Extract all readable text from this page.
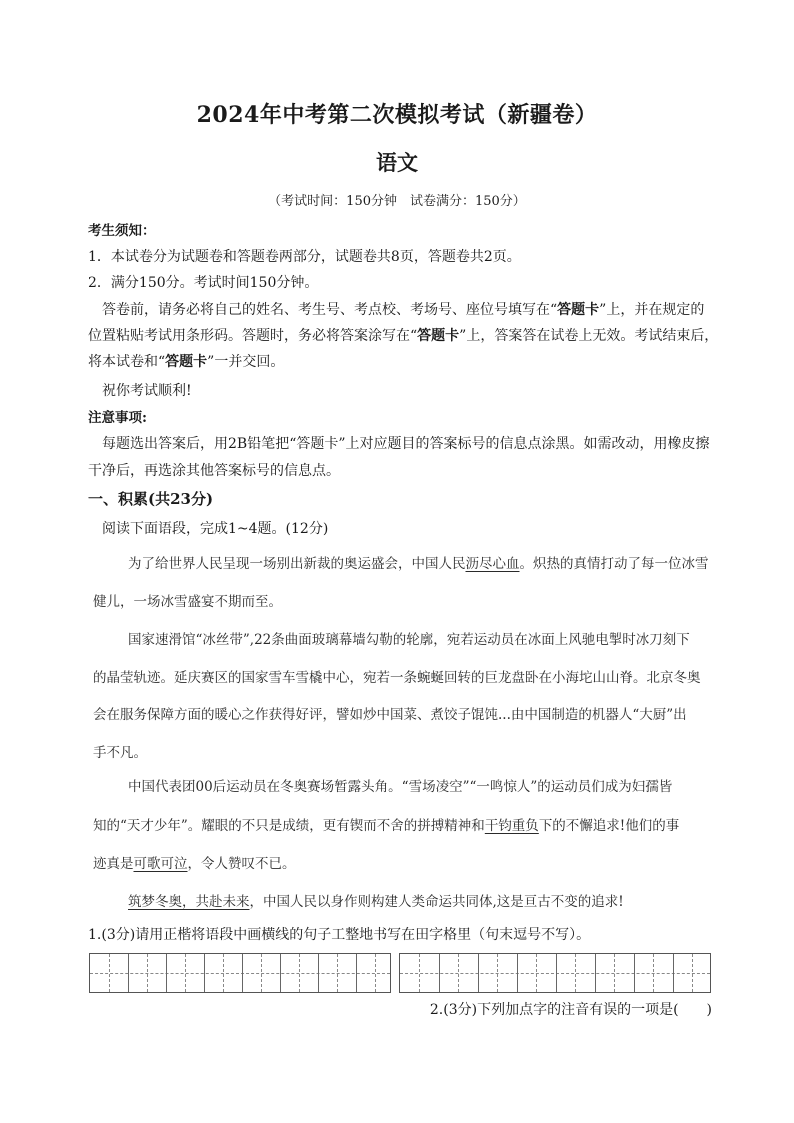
2024年中考第二次模拟考试（新疆卷）
语文
（考试时间：150分钟　试卷满分：150分）
考生须知：
1．本试卷分为试题卷和答题卷两部分，试题卷共8页，答题卷共2页。
2．满分150分。考试时间150分钟。
答卷前，请务必将自己的姓名、考生号、考点校、考场号、座位号填写在“答题卡”上，并在规定的
位置粘贴考试用条形码。答题时，务必将答案涂写在“答题卡”上，答案答在试卷上无效。考试结束后，
将本试卷和“答题卡”一并交回。
祝你考试顺利!
注意事项:
每题选出答案后，用2B铅笔把“答题卡”上对应题目的答案标号的信息点涂黑。如需改动，用橡皮擦
干净后，再选涂其他答案标号的信息点。
一、积累(共23分)
阅读下面语段，完成1~4题。(12分)
为了给世界人民呈现一场别出新裁的奥运盛会，中国人民沥尽心血。炽热的真情打动了每一位冰雪
健儿，一场冰雪盛宴不期而至。
国家速滑馆“冰丝带”,22条曲面玻璃幕墙勾勒的轮廓，宛若运动员在冰面上风驰电掣时冰刀刻下
的晶莹轨迹。延庆赛区的国家雪车雪橇中心，宛若一条蜿蜒回转的巨龙盘卧在小海坨山山脊。北京冬奥
会在服务保障方面的暖心之作获得好评，譬如炒中国菜、煮饺子馄饨...由中国制造的机器人“大厨”出
手不凡。
中国代表团00后运动员在冬奥赛场暂露头角。“雪场凌空”“一鸣惊人”的运动员们成为妇孺皆
知的“天才少年”。耀眼的不只是成绩，更有锲而不舍的拼搏精神和干钧重负下的不懈追求!他们的事
迹真是可歌可泣，令人赞叹不已。
筑梦冬奥，共赴未来，中国人民以身作则构建人类命运共同体,这是亘古不变的追求!
1.(3分)请用正楷将语段中画横线的句子工整地书写在田字格里（句末逗号不写）。
2.(3分)下列加点字的注音有误的一项是(　　)
